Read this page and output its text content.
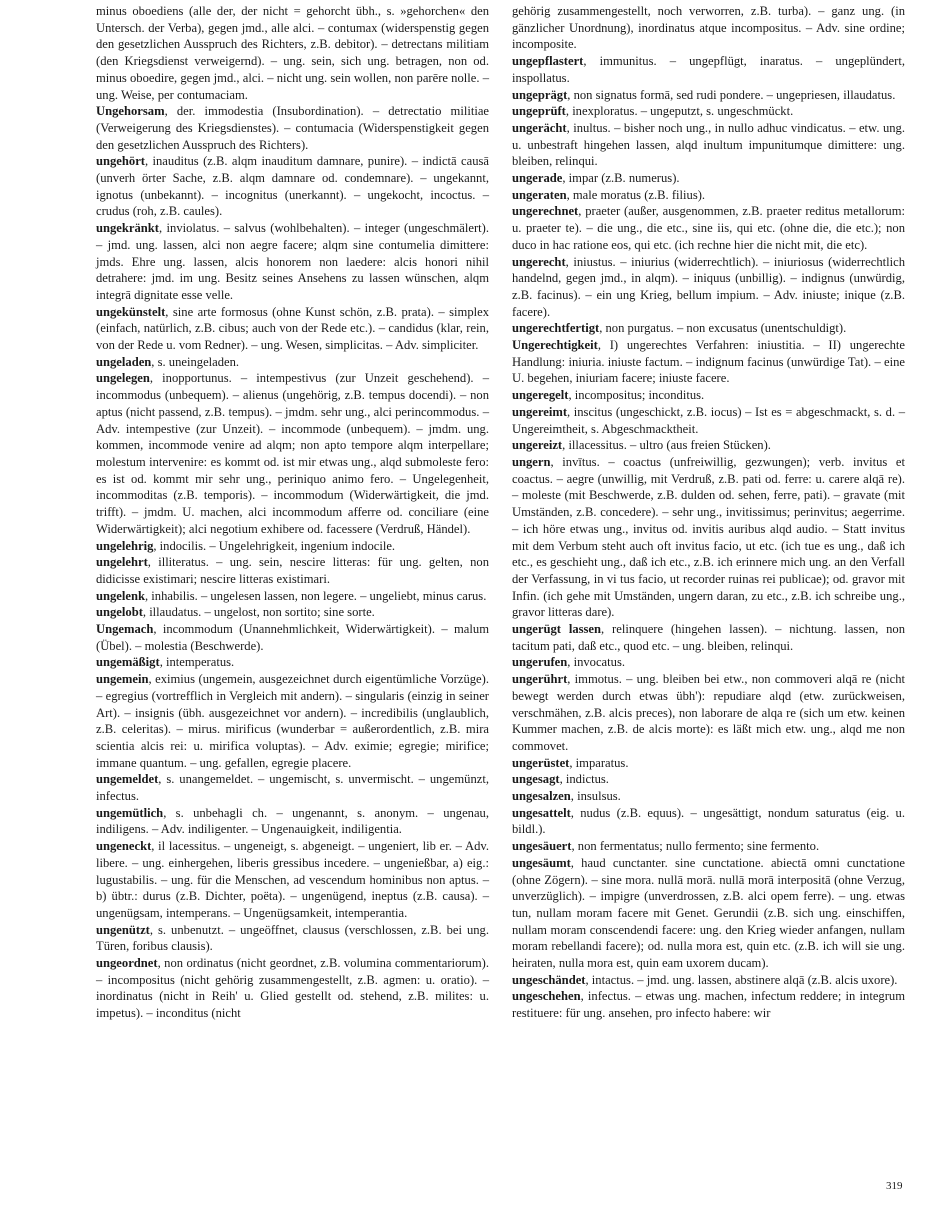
minus oboediens (alle der, der nicht = gehorcht übh., s. »gehorchen« den Untersch. der Verba), gegen jmd., alle alci. – contumax (widerspenstig gegen den gesetzlichen Ausspruch des Richters, z.B. debitor). – detrectans militiam (den Kriegsdienst verweigernd). – ung. sein, sich ung. betragen, non od. minus oboedire, gegen jmd., alci. – nicht ung. sein wollen, non parēre nolle. – ung. Weise, per contumaciam.

Ungehorsam, der. immodestia (Insubordination). – detrectatio militiae (Verweigerung des Kriegsdienstes). – contumacia (Widerspenstigkeit gegen den gesetzlichen Ausspruch des Richters).

ungehört, inauditus (z.B. alqm inauditum damnare, punire). – indictā causā (unverh örter Sache, z.B. alqm damnare od. condemnare). – ungekannt, ignotus (unbekannt). – incognitus (unerkannt). – ungekocht, incoctus. – crudus (roh, z.B. caules).

ungekränkt, inviolatus. – salvus (wohlbehalten). – integer (ungeschmälert). – jmd. ung. lassen, alci non aegre facere; alqm sine contumelia dimittere: jmds. Ehre ung. lassen, alcis honorem non laedere: alcis honori nihil detrahere: jmd. im ung. Besitz seines Ansehens zu lassen wünschen, alqm integrā dignitate esse velle.

ungekünstelt, sine arte formosus (ohne Kunst schön, z.B. prata). – simplex (einfach, natürlich, z.B. cibus; auch von der Rede etc.). – candidus (klar, rein, von der Rede u. vom Redner). – ung. Wesen, simplicitas. – Adv. simpliciter.

ungeladen, s. uneingeladen.

ungelegen, inopportunus. – intempestivus (zur Unzeit geschehend). – incommodus (unbequem). – alienus (ungehörig, z.B. tempus docendi). – non aptus (nicht passend, z.B. tempus). – jmdm. sehr ung., alci perincommodus. – Adv. intempestive (zur Unzeit). – incommode (unbequem). – jmdm. ung. kommen, incommode venire ad alqm; non apto tempore alqm interpellare; molestum intervenire: es kommt od. ist mir etwas ung., alqd submoleste fero: es ist od. kommt mir sehr ung., periniquo animo fero. – Ungelegenheit, incommoditas (z.B. temporis). – incommodum (Widerwärtigkeit, die jmd. trifft). – jmdm. U. machen, alci incommodum afferre od. conciliare (eine Widerwärtigkeit); alci negotium exhibere od. facessere (Verdruß, Händel).

ungelehrig, indocilis. – Ungelehrigkeit, ingenium indocile.

ungelehrt, illiteratus. – ung. sein, nescire litteras: für ung. gelten, non didicisse existimari; nescire litteras existimari.

ungelenk, inhabilis. – ungelesen lassen, non legere. – ungeliebt, minus carus.

ungelobt, illaudatus. – ungelost, non sortito; sine sorte.

Ungemach, incommodum (Unannehmlichkeit, Widerwärtigkeit). – malum (Übel). – molestia (Beschwerde).

ungemäßigt, intemperatus.

ungemein, eximius (ungemein, ausgezeichnet durch eigentümliche Vorzüge). – egregius (vortrefflich in Vergleich mit andern). – singularis (einzig in seiner Art). – insignis (übh. ausgezeichnet vor andern). – incredibilis (unglaublich, z.B. celeritas). – mirus. mirificus (wunderbar = außerordentlich, z.B. mira scientia alcis rei: u. mirifica voluptas). – Adv. eximie; egregie; mirifice; immane quantum. – ung. gefallen, egregie placere.

ungemeldet, s. unangemeldet. – ungemischt, s. unvermischt. – ungemünzt, infectus.

ungemütlich, s. unbehagli ch. – ungenannt, s. anonym. – ungenau, indiligens. – Adv. indiligenter. – Ungenauigkeit, indiligentia.

ungeneckt, il lacessitus. – ungeneigt, s. abgeneigt. – ungeniert, lib er. – Adv. libere. – ung. einhergehen, liberis gressibus incedere. – ungenießbar, a) eig.: lugustabilis. – ung. für die Menschen, ad vescendum hominibus non aptus. – b) übtr.: durus (z.B. Dichter, poëta). – ungenügend, ineptus (z.B. causa). – ungenügsam, intemperans. – Ungenügsamkeit, intemperantia.

ungenützt, s. unbenutzt. – ungeöffnet, clausus (verschlossen, z.B. bei ung. Türen, foribus clausis).

ungeordnet, non ordinatus (nicht geordnet, z.B. volumina commentariorum). – incompositus (nicht gehörig zusammengestellt, z.B. agmen: u. oratio). – inordinatus (nicht in Reih' u. Glied gestellt od. stehend, z.B. milites: u. impetus). – inconditus (nicht

gehörig zusammengestellt, noch verworren, z.B. turba). – ganz ung. (in gänzlicher Unordnung), inordinatus atque incompositus. – Adv. sine ordine; incomposite.

ungepflastert, immunitus. – ungepflügt, inaratus. – ungeplündert, inspollatus.

ungeprägt, non signatus formā, sed rudi pondere. – ungepriesen, illaudatus.

ungeprüft, inexploratus. – ungeputzt, s. ungeschmückt.

ungerächt, inultus. – bisher noch ung., in nullo adhuc vindicatus. – etw. ung. u. unbestraft hingehen lassen, alqd inultum impunitumque dimittere: ung. bleiben, relinqui.

ungerade, impar (z.B. numerus).

ungeraten, male moratus (z.B. filius).

ungerechnet, praeter (außer, ausgenommen, z.B. praeter reditus metallorum: u. praeter te). – die ung., die etc., sine iis, qui etc. (ohne die, die etc.); non duco in hac ratione eos, qui etc. (ich rechne hier die nicht mit, die etc).

ungerecht, iniustus. – iniurius (widerrechtlich). – iniuriosus (widerrechtlich handelnd, gegen jmd., in alqm). – iniquus (unbillig). – indignus (unwürdig, z.B. facinus). – ein ung Krieg, bellum impium. – Adv. iniuste; inique (z.B. facere).

ungerechtfertigt, non purgatus. – non excusatus (unentschuldigt).

Ungerechtigkeit, I) ungerechtes Verfahren: iniustitia. – II) ungerechte Handlung: iniuria. iniuste factum. – indignum facinus (unwürdige Tat). – eine U. begehen, iniuriam facere; iniuste facere.

ungeregelt, incompositus; inconditus.

ungereimt, inscitus (ungeschickt, z.B. iocus) – Ist es = abgeschmackt, s. d. – Ungereimtheit, s. Abgeschmacktheit.

ungereizt, illacessitus. – ultro (aus freien Stücken).

ungern, invītus. – coactus (unfreiwillig, gezwungen); verb. invitus et coactus. – aegre (unwillig, mit Verdruß, z.B. pati od. ferre: u. carere alqā re). – moleste (mit Beschwerde, z.B. dulden od. sehen, ferre, pati). – gravate (mit Umständen, z.B. concedere). – sehr ung., invitissimus; perinvitus; aegerrime. – ich höre etwas ung., invitus od. invitis auribus alqd audio. – Statt invitus mit dem Verbum steht auch oft invitus facio, ut etc. (ich tue es ung., daß ich etc., es geschieht ung., daß ich etc., z.B. ich erinnere mich ung. an den Verfall der Verfassung, in vi tus facio, ut recorder ruinas rei publicae); od. gravor mit Infin. (ich gehe mit Umständen, ungern daran, zu etc., z.B. ich schreibe ung., gravor litteras dare).

ungerügt lassen, relinquere (hingehen lassen). – nichtung. lassen, non tacitum pati, daß etc., quod etc. – ung. bleiben, relinqui.

ungerufen, invocatus.

ungerührt, immotus. – ung. bleiben bei etw., non commoveri alqā re (nicht bewegt werden durch etwas übh'): repudiare alqd (etw. zurückweisen, verschmähen, z.B. alcis preces), non laborare de alqa re (sich um etw. keinen Kummer machen, z.B. de alcis morte): es läßt mich etw. ung., alqd me non commovet.

ungerüstet, imparatus.

ungesagt, indictus.

ungesalzen, insulsus.

ungesattelt, nudus (z.B. equus). – ungesättigt, nondum saturatus (eig. u. bildl.).

ungesäuert, non fermentatus; nullo fermento; sine fermento.

ungesäumt, haud cunctanter. sine cunctatione. abiectā omni cunctatione (ohne Zögern). – sine mora. nullā morā. nullā morā interpositā (ohne Verzug, unverzüglich). – impigre (unverdrossen, z.B. alci opem ferre). – ung. etwas tun, nullam moram facere mit Genet. Gerundii (z.B. sich ung. einschiffen, nullam moram conscendendi facere: ung. den Krieg wieder anfangen, nullam moram rebellandi facere); od. nulla mora est, quin etc. (z.B. ich will sie ung. heiraten, nulla mora est, quin eam uxorem ducam).

ungeschändet, intactus. – jmd. ung. lassen, abstinere alqā (z.B. alcis uxore).

ungeschehen, infectus. – etwas ung. machen, infectum reddere; in integrum restituere: für ung. ansehen, pro infecto habere: wir

319
